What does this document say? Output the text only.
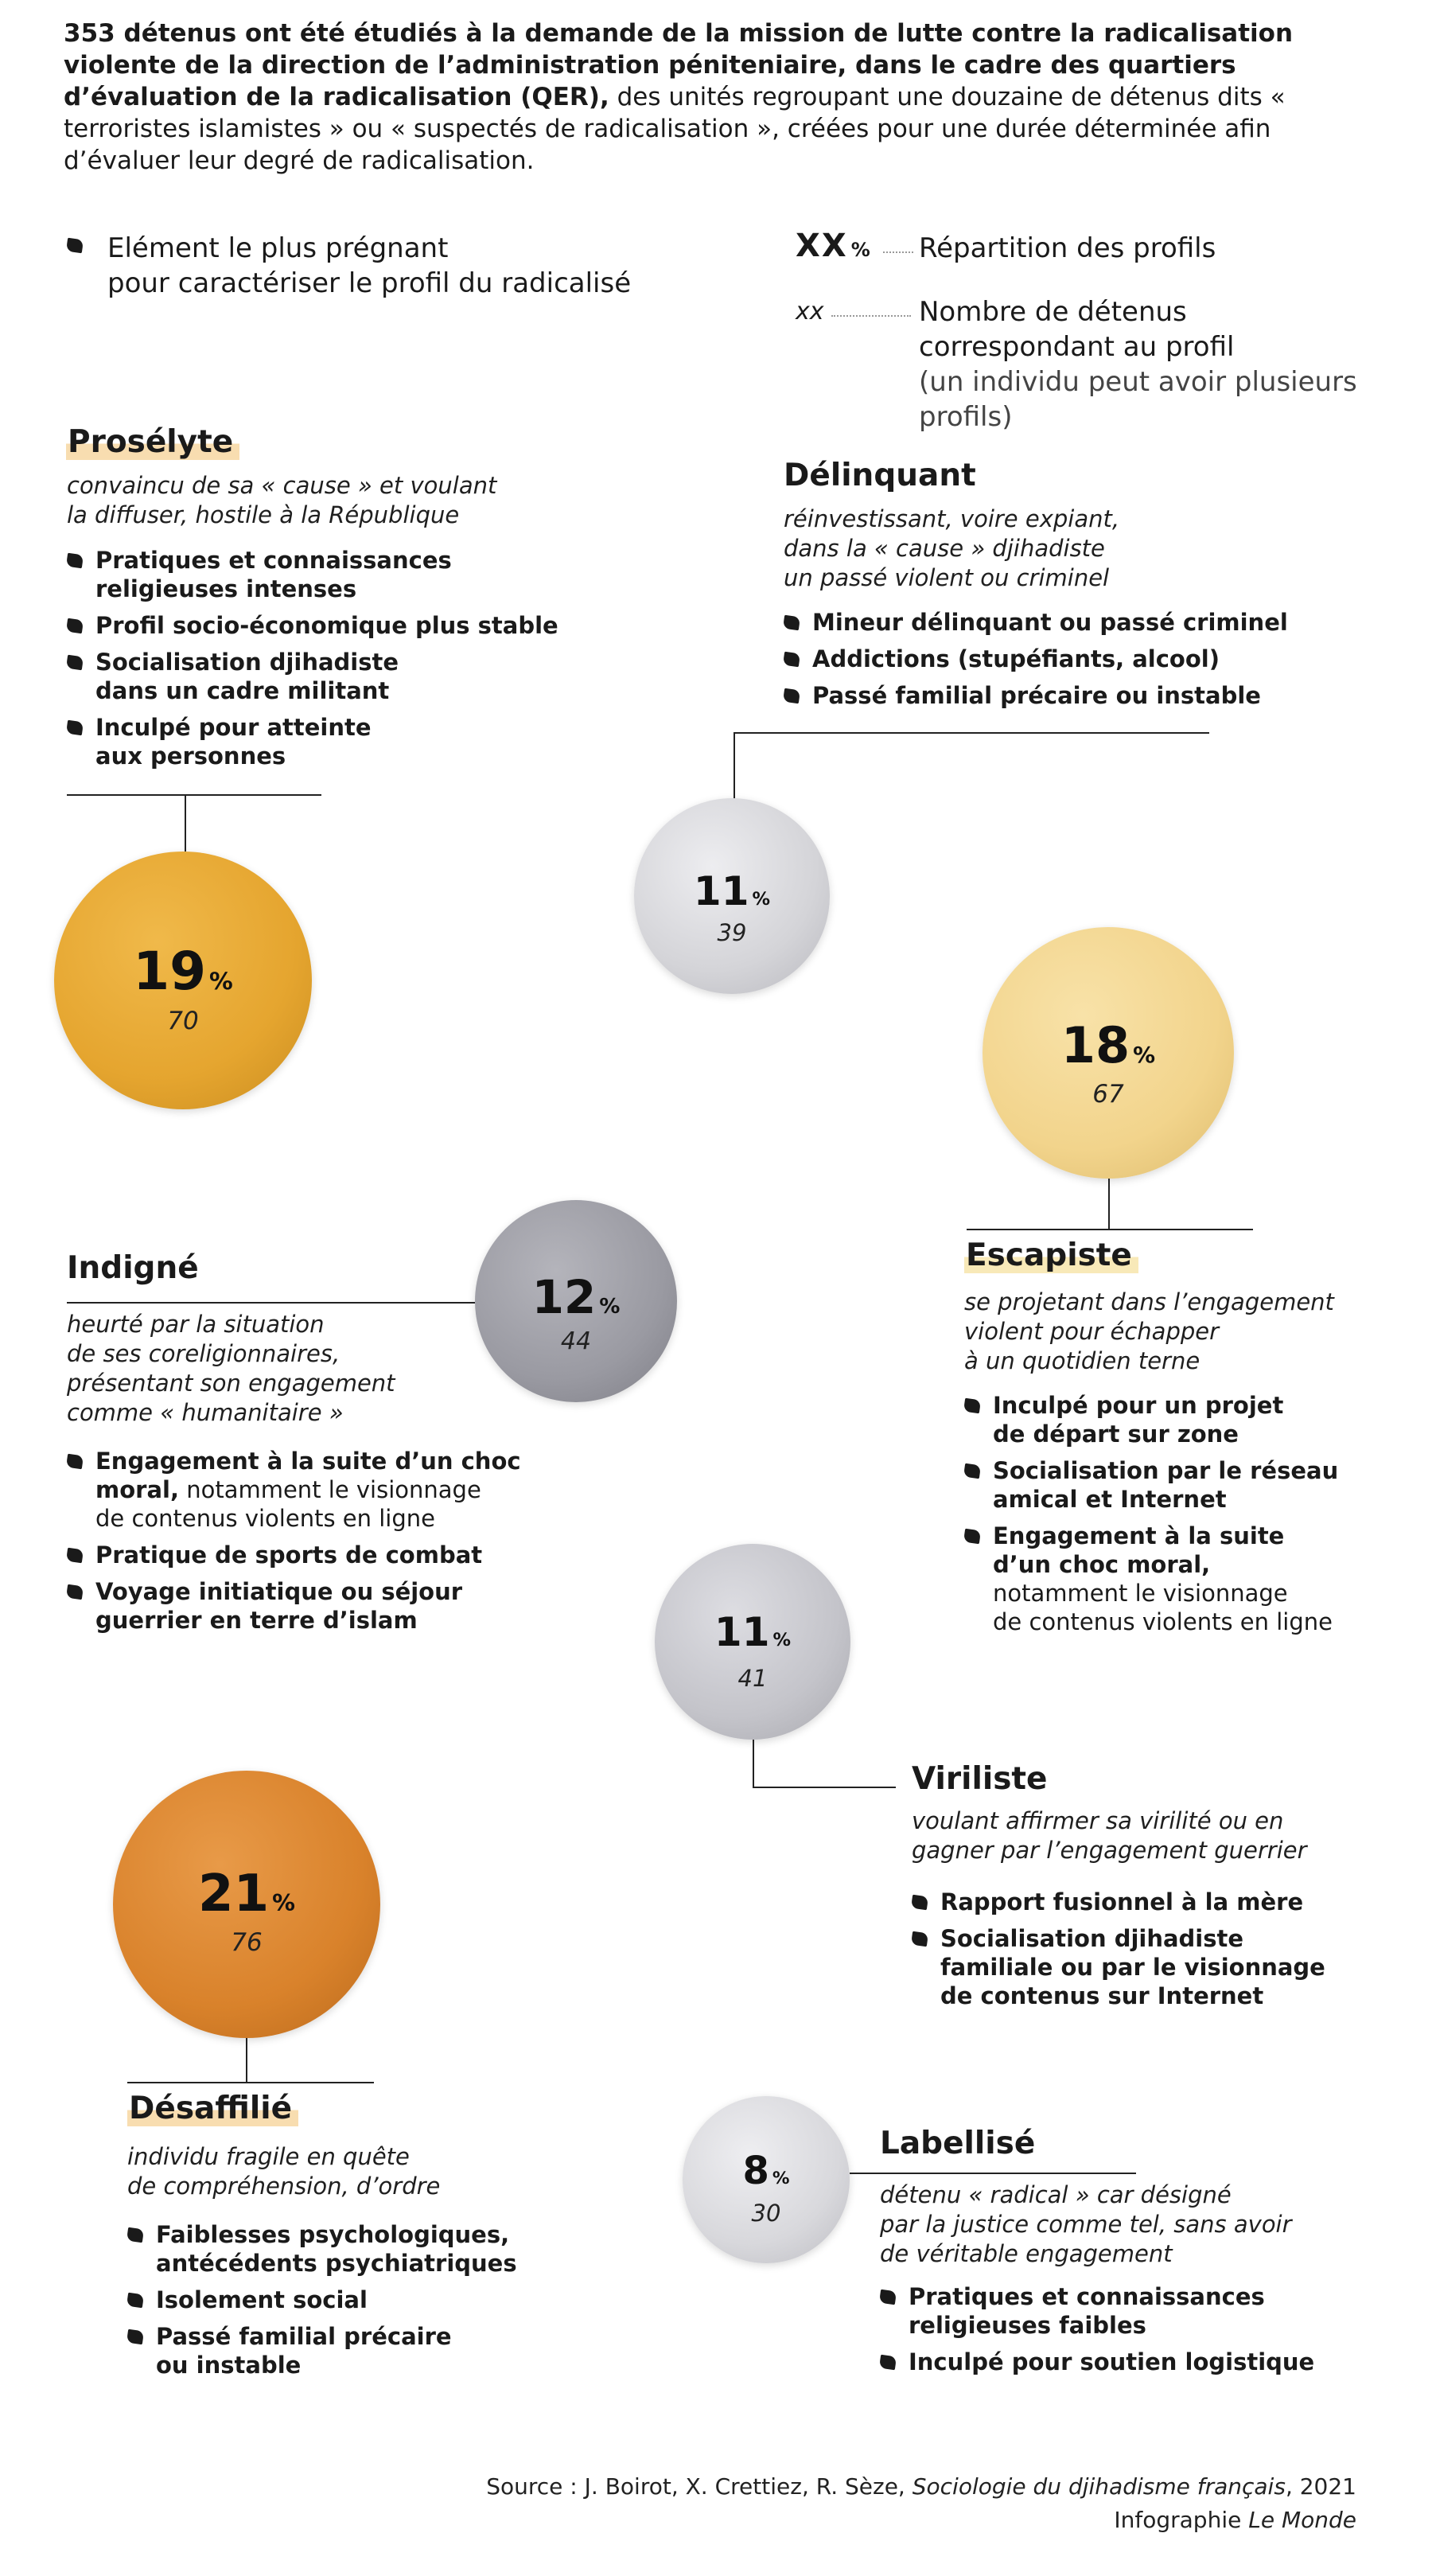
353 détenus ont été étudiés à la demande de la mission de lutte contre la radicalisation violente de la direction de l’administration péniteniaire, dans le cadre des quartiers d’évaluation de la radicalisation (QER), des unités regroupant une douzaine de détenus dits « terroristes islamistes » ou « suspectés de radicalisation », créées pour une durée déterminée afin d’évaluer leur degré de radicalisation.
Elément le plus prégnant
pour caractériser le profil du radicalisé
XX % Répartition des profils
xx	Nombre de détenus
correspondant au profil
(un individu peut avoir plusieurs profils)
Prosélyte
convaincu de sa « cause » et voulant
la diffuser, hostile à la République
Pratiques et connaissances
religieuses intenses
Profil socio-économique plus stable
Socialisation djihadiste
dans un cadre militant
Inculpé pour atteinte
aux personnes
19 %
70
Délinquant
réinvestissant, voire expiant,
dans la « cause » djihadiste
un passé violent ou criminel
Mineur délinquant ou passé criminel
Addictions (stupéfiants, alcool)
Passé familial précaire ou instable
11 %
39
18 %
67
Escapiste
se projetant dans l’engagement
violent pour échapper
à un quotidien terne
Inculpé pour un projet
de départ sur zone
Socialisation par le réseau
amical et Internet
Engagement à la suite
d’un choc moral,
notamment le visionnage
de contenus violents en ligne
12 %
44
Indigné
heurté par la situation
de ses coreligionnaires,
présentant son engagement
comme « humanitaire »
Engagement à la suite d’un choc
moral, notamment le visionnage
de contenus violents en ligne
Pratique de sports de combat
Voyage initiatique ou séjour
guerrier en terre d’islam	11 %
41
Viriliste
voulant affirmer sa virilité ou en
gagner par l’engagement guerrier
Rapport fusionnel à la mère
Socialisation djihadiste
familiale ou par le visionnage
de contenus sur Internet
21 %
76
Désaffilié
individu fragile en quête
de compréhension, d’ordre
Faiblesses psychologiques,
antécédents psychiatriques
Isolement social
Passé familial précaire
ou instable
8 %
30
Labellisé
détenu « radical » car désigné
par la justice comme tel, sans avoir
de véritable engagement
Pratiques et connaissances
religieuses faibles
Inculpé pour soutien logistique
Source : J. Boirot, X. Crettiez, R. Sèze, Sociologie du djihadisme français, 2021
Infographie Le Monde
